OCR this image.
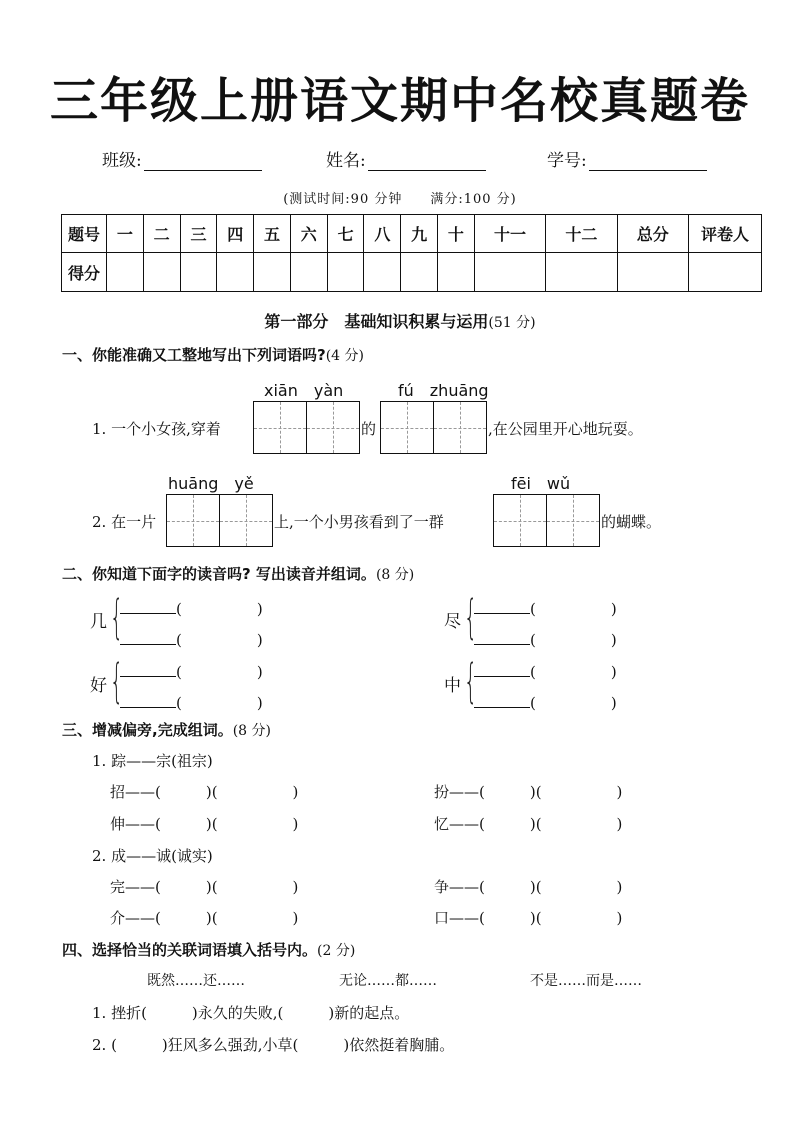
三年级上册语文期中名校真题卷
班级:	姓名:	学号:
(测试时间:90 分钟　　满分:100 分)
题号	一	二	三	四	五	六	七	八	九	十	十一	十二	总分	评卷人
得分														
第一部分　基础知识积累与运用(51 分)
一、你能准确又工整地写出下列词语吗?(4 分)
xiān　yàn	fú　zhuāng
1. 一个小女孩,穿着	的	,在公园里开心地玩耍。
huāng　yě	fēi　wǔ
2. 在一片	上,一个小男孩看到了一群	的蝴蝶。
二、你知道下面字的读音吗? 写出读音并组词。(8 分)
几 {	(　　　　　)
(　　　　　)
尽 {	(　　　　　)
(　　　　　)
好 {	(　　　　　)
(　　　　　)
中 {	(　　　　　)
(　　　　　)
三、增减偏旁,完成组词。(8 分)
1. 踪——宗(祖宗)
招——(　　　)(　　　　　)	扮——(　　　)(　　　　　)
伸——(　　　)(　　　　　)	忆——(　　　)(　　　　　)
2. 成——诚(诚实)
完——(　　　)(　　　　　)	争——(　　　)(　　　　　)
介——(　　　)(　　　　　)	口——(　　　)(　　　　　)
四、选择恰当的关联词语填入括号内。(2 分)
既然……还……	无论……都……	不是……而是……
1. 挫折(　　　)永久的失败,(　　　)新的起点。
2. (　　　)狂风多么强劲,小草(　　　)依然挺着胸脯。
